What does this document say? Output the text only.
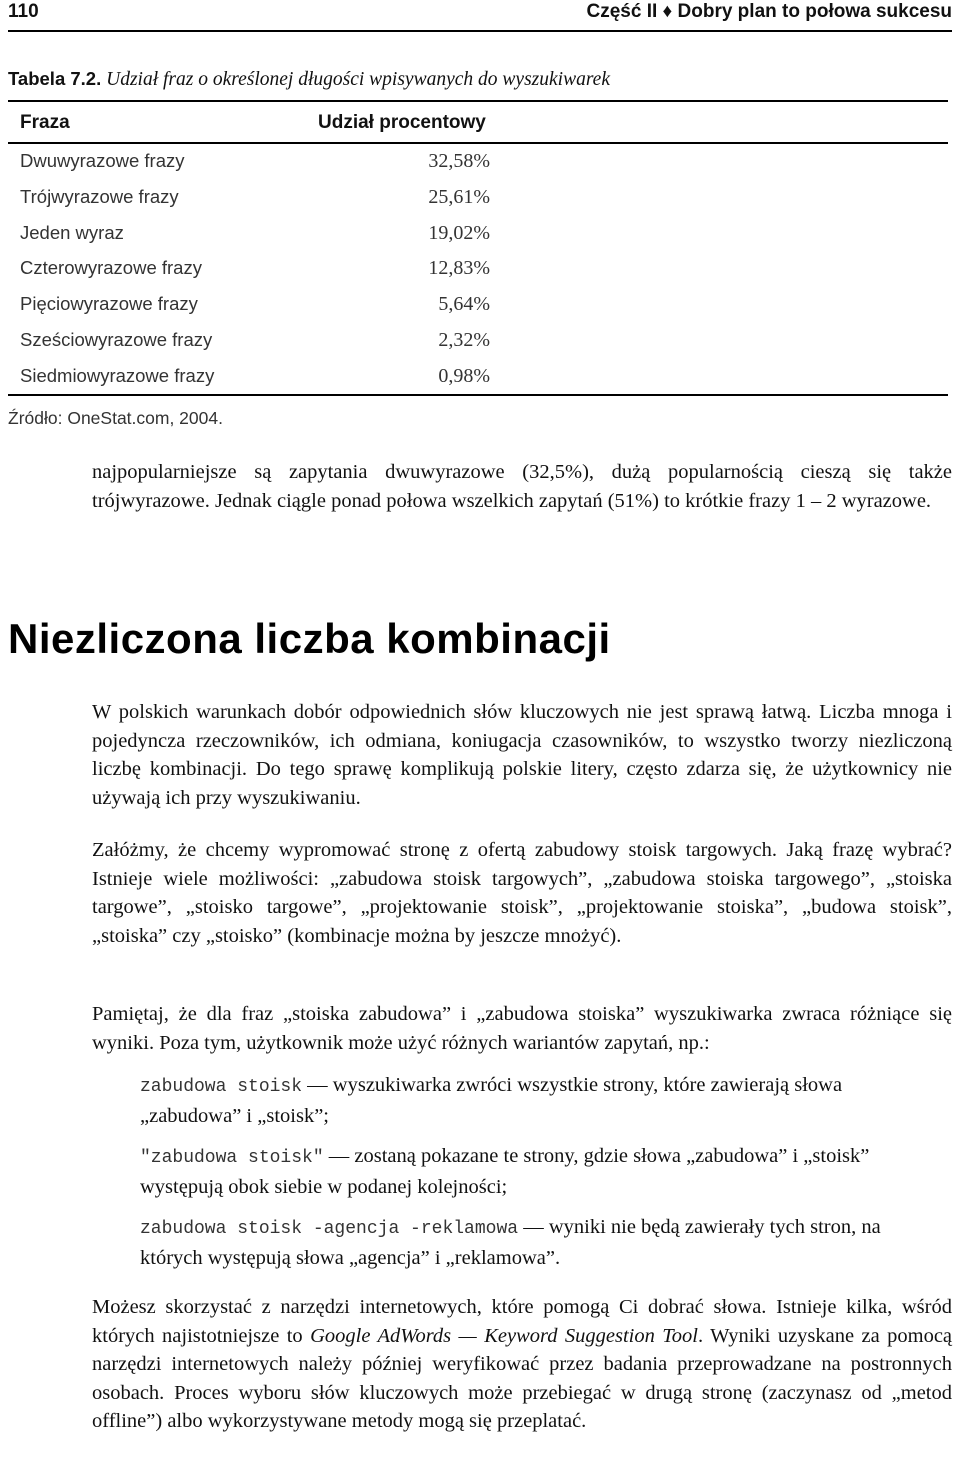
110	Część II ♦ Dobry plan to połowa sukcesu
Tabela 7.2. Udział fraz o określonej długości wpisywanych do wyszukiwarek
Fraza	Udział procentowy
Dwuwyrazowe frazy	32,58%
Trójwyrazowe frazy	25,61%
Jeden wyraz	19,02%
Czterowyrazowe frazy	12,83%
Pięciowyrazowe frazy	5,64%
Sześciowyrazowe frazy	2,32%
Siedmiowyrazowe frazy	0,98%
Źródło: OneStat.com, 2004.

najpopularniejsze są zapytania dwuwyrazowe (32,5%), dużą popularnością cieszą się także trójwyrazowe. Jednak ciągle ponad połowa wszelkich zapytań (51%) to krótkie frazy 1 – 2 wyrazowe.

Niezliczona liczba kombinacji

W polskich warunkach dobór odpowiednich słów kluczowych nie jest sprawą łatwą. Liczba mnoga i pojedyncza rzeczowników, ich odmiana, koniugacja czasowników, to wszystko tworzy niezliczoną liczbę kombinacji. Do tego sprawę komplikują polskie litery, często zdarza się, że użytkownicy nie używają ich przy wyszukiwaniu.

Załóżmy, że chcemy wypromować stronę z ofertą zabudowy stoisk targowych. Jaką frazę wybrać? Istnieje wiele możliwości: „zabudowa stoisk targowych”, „zabudowa stoiska targowego”, „stoiska targowe”, „stoisko targowe”, „projektowanie stoisk”, „projektowanie stoiska”, „budowa stoisk”, „stoiska” czy „stoisko” (kombinacje można by jeszcze mnożyć).

Pamiętaj, że dla fraz „stoiska zabudowa” i „zabudowa stoiska” wyszukiwarka zwraca różniące się wyniki. Poza tym, użytkownik może użyć różnych wariantów zapytań, np.:

zabudowa stoisk — wyszukiwarka zwróci wszystkie strony, które zawierają słowa „zabudowa” i „stoisk”;
"zabudowa stoisk" — zostaną pokazane te strony, gdzie słowa „zabudowa” i „stoisk” występują obok siebie w podanej kolejności;
zabudowa stoisk -agencja -reklamowa — wyniki nie będą zawierały tych stron, na których występują słowa „agencja” i „reklamowa”.

Możesz skorzystać z narzędzi internetowych, które pomogą Ci dobrać słowa. Istnieje kilka, wśród których najistotniejsze to Google AdWords — Keyword Suggestion Tool. Wyniki uzyskane za pomocą narzędzi internetowych należy później weryfikować przez badania przeprowadzane na postronnych osobach. Proces wyboru słów kluczowych może przebiegać w drugą stronę (zaczynasz od „metod offline”) albo wykorzystywane metody mogą się przeplatać.
